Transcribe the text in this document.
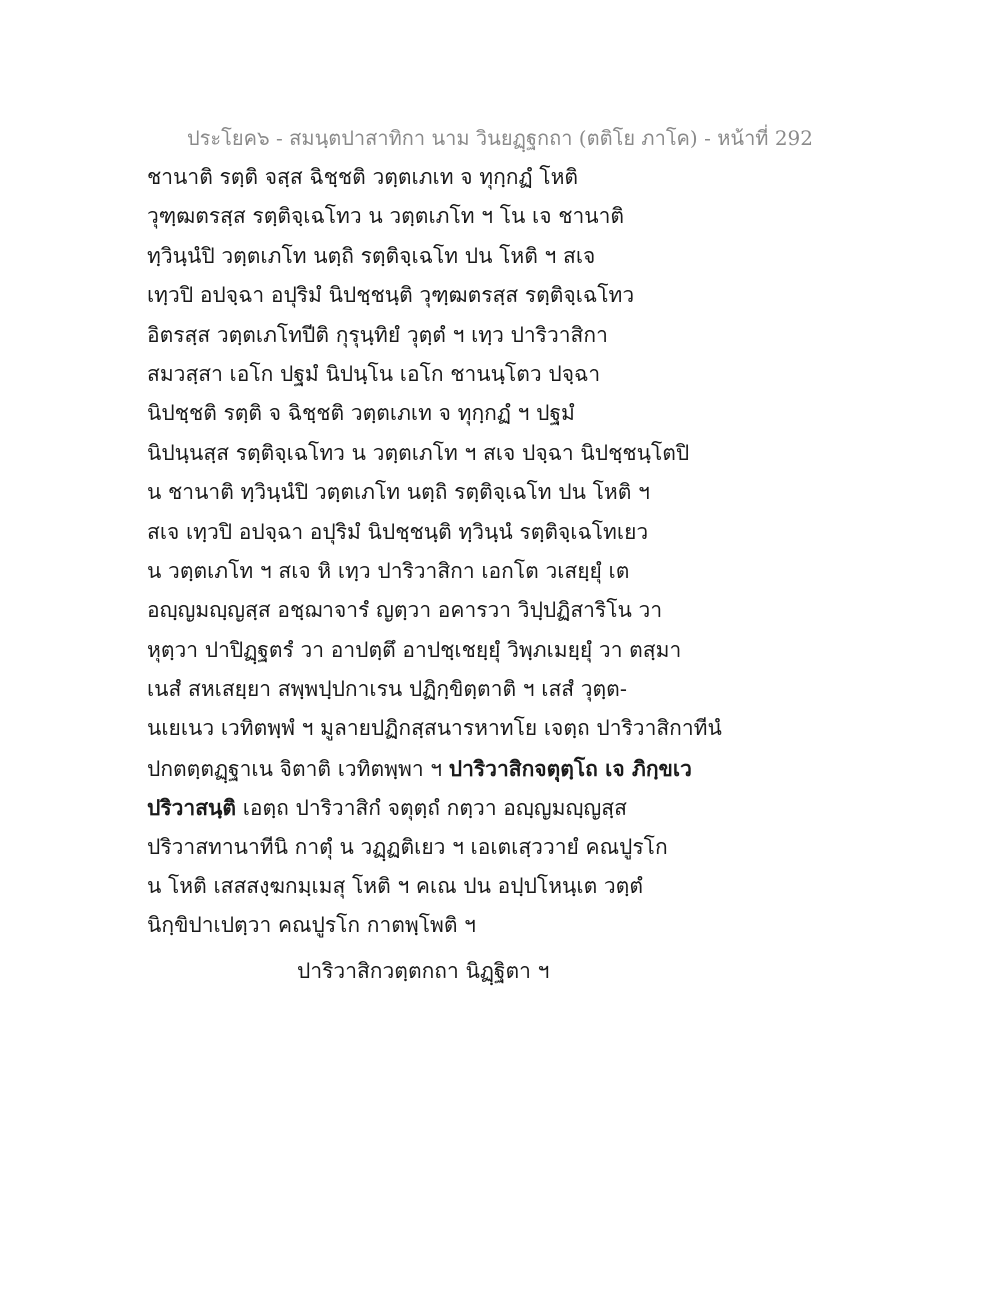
ประโยค๖ - สมนฺตปาสาทิกา นาม วินยฏฺฐกถา (ตติโย ภาโค) - หน้าที่ 292
ชานาติ รตฺติ จสฺส ฉิชฺชติ วตฺตเภเท จ ทุกฺกฏํ โหติ
วุฑฺฒตรสฺส รตฺติจฺเฉโทว น วตฺตเภโท ฯ โน เจ ชานาติ
ทฺวินฺนํปิ วตฺตเภโท นตฺถิ รตฺติจฺเฉโท ปน โหติ ฯ สเจ
เทฺวปิ อปจฺฉา อปุริมํ นิปชฺชนฺติ วุฑฺฒตรสฺส รตฺติจฺเฉโทว
อิตรสฺส วตฺตเภโทปีติ กุรุนฺทิยํ วุตฺตํ ฯ เทฺว ปาริวาสิกา
สมวสฺสา เอโก ปฐมํ นิปนฺโน เอโก ชานนฺโตว ปจฺฉา
นิปชฺชติ รตฺติ จ ฉิชฺชติ วตฺตเภเท จ ทุกฺกฏํ ฯ ปฐมํ
นิปนฺนสฺส รตฺติจฺเฉโทว น วตฺตเภโท ฯ สเจ ปจฺฉา นิปชฺชนฺโตปิ
น ชานาติ ทฺวินฺนํปิ วตฺตเภโท นตฺถิ รตฺติจฺเฉโท ปน โหติ ฯ
สเจ เทฺวปิ อปจฺฉา อปุริมํ นิปชฺชนฺติ ทฺวินฺนํ รตฺติจฺเฉโทเยว
น วตฺตเภโท ฯ สเจ หิ เทฺว ปาริวาสิกา เอกโต วเสยฺยุํ เต
อญฺญมญฺญสฺส อชฺฌาจารํ ญตฺวา อคารวา วิปฺปฏิสาริโน วา
หุตฺวา ปาปิฏฺฐตรํ วา อาปตฺตึ อาปชฺเชยฺยุํ วิพฺภเมยฺยุํ วา ตสฺมา
เนสํ สหเสยฺยา สพฺพปฺปกาเรน ปฏิกฺขิตฺตาติ ฯ เสสํ วุตฺต-
นเยเนว เวทิตพฺพํ ฯ มูลายปฏิกสฺสนารหาทโย เจตฺถ ปาริวาสิกาทีนํ
ปกตตฺตฏฺฐาเน จิตาติ เวทิตพฺพา ฯ ปาริวาสิกจตุตฺโถ เจ ภิกฺขเว
ปริวาสนฺติ เอตฺถ ปาริวาสิกํ จตุตฺถํ กตฺวา อญฺญมญฺญสฺส
ปริวาสทานาทีนิ กาตุํ น วฏฺฏติเยว ฯ เอเตเสฺววายํ คณปูรโก
น โหติ เสสสงฺฆกมฺเมสุ โหติ ฯ คเณ ปน อปฺปโหนฺเต วตฺตํ
นิกฺขิปาเปตฺวา คณปูรโก กาตพฺโพติ ฯ
ปาริวาสิกวตฺตกถา นิฏฺฐิตา ฯ
